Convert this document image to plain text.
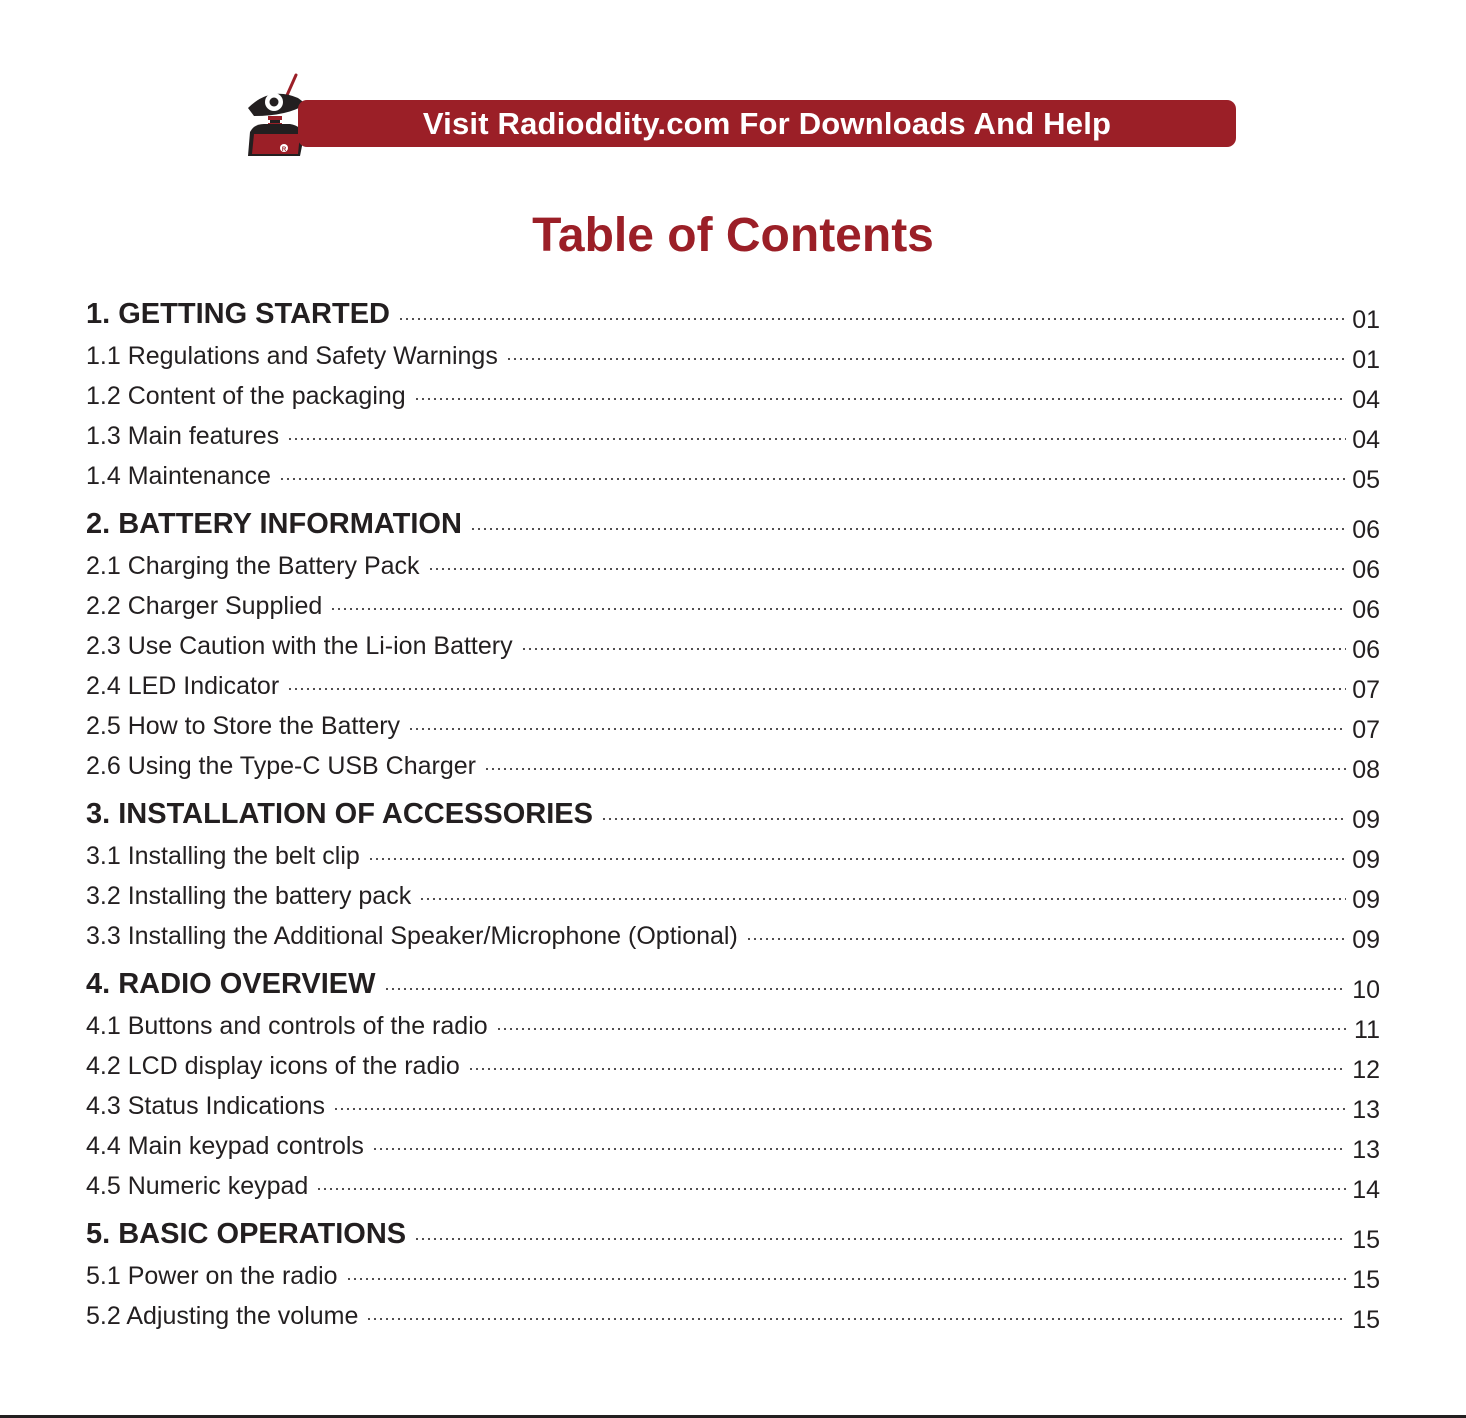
R
Visit Radioddity.com For Downloads And Help
Table of Contents
1. GETTING STARTED	01
1.1 Regulations and Safety Warnings	01
1.2 Content of the packaging	04
1.3 Main features	04
1.4 Maintenance	05
2. BATTERY INFORMATION	06
2.1 Charging the Battery Pack	06
2.2 Charger Supplied	06
2.3 Use Caution with the Li-ion Battery	06
2.4 LED Indicator	07
2.5 How to Store the Battery	07
2.6 Using the Type-C USB Charger	08
3. INSTALLATION OF ACCESSORIES	09
3.1 Installing the belt clip	09
3.2 Installing the battery pack	09
3.3 Installing the Additional Speaker/Microphone (Optional)	09
4. RADIO OVERVIEW	10
4.1 Buttons and controls of the radio	11
4.2 LCD display icons of the radio	12
4.3 Status Indications	13
4.4 Main keypad controls	13
4.5 Numeric keypad	14
5. BASIC OPERATIONS	15
5.1 Power on the radio	15
5.2 Adjusting the volume	15
